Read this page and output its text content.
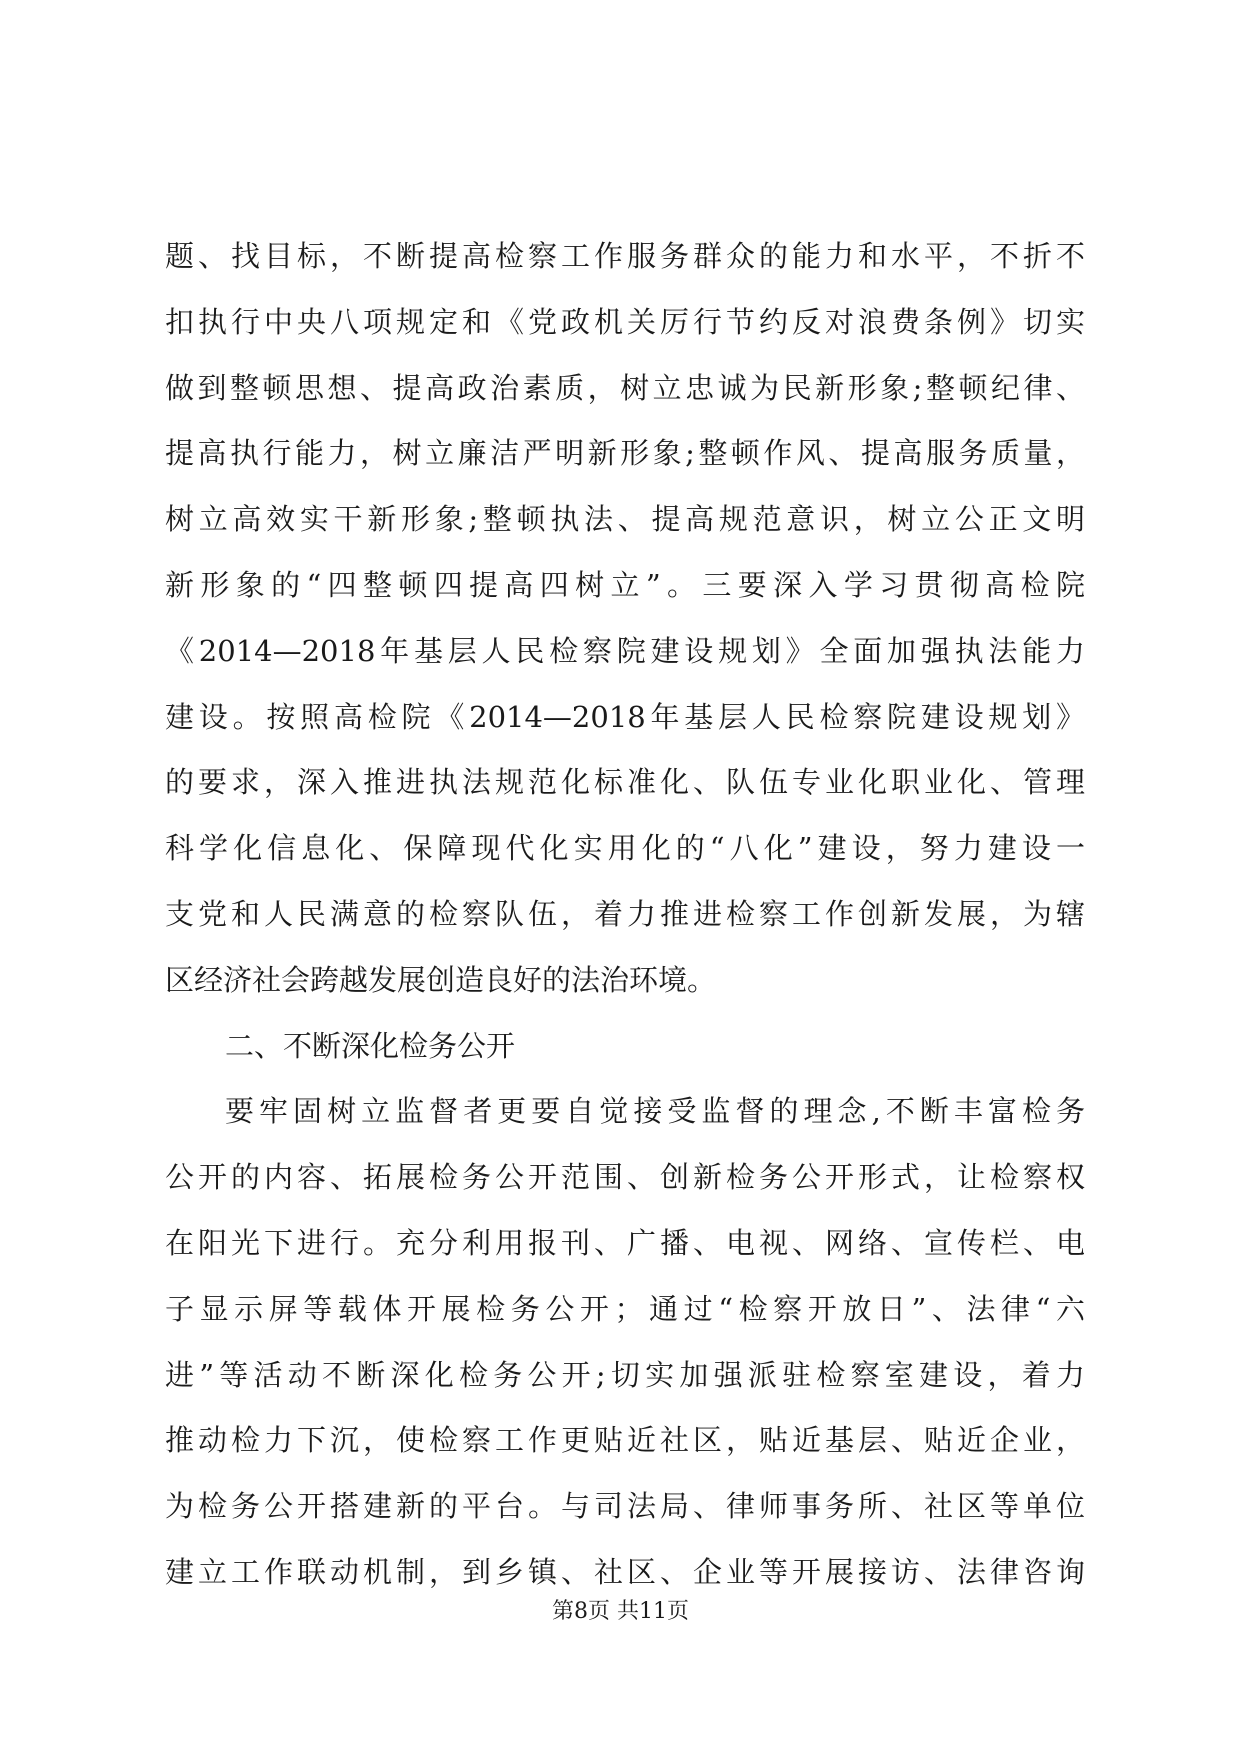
题、找目标，不断提高检察工作服务群众的能力和水平，不折不
扣执行中央八项规定和《党政机关厉行节约反对浪费条例》切实
做到整顿思想、提高政治素质，树立忠诚为民新形象;整顿纪律、
提高执行能力，树立廉洁严明新形象;整顿作风、提高服务质量，
树立高效实干新形象;整顿执法、提高规范意识，树立公正文明
新形象的“四整顿四提高四树立”。三要深入学习贯彻高检院
《2014—2018年基层人民检察院建设规划》全面加强执法能力
建设。按照高检院《2014—2018年基层人民检察院建设规划》
的要求，深入推进执法规范化标准化、队伍专业化职业化、管理
科学化信息化、保障现代化实用化的“八化”建设，努力建设一
支党和人民满意的检察队伍，着力推进检察工作创新发展，为辖
区经济社会跨越发展创造良好的法治环境。
二、不断深化检务公开
要牢固树立监督者更要自觉接受监督的理念,不断丰富检务
公开的内容、拓展检务公开范围、创新检务公开形式，让检察权
在阳光下进行。充分利用报刊、广播、电视、网络、宣传栏、电
子显示屏等载体开展检务公开；通过“检察开放日”、法律“六
进”等活动不断深化检务公开;切实加强派驻检察室建设，着力
推动检力下沉，使检察工作更贴近社区，贴近基层、贴近企业，
为检务公开搭建新的平台。与司法局、律师事务所、社区等单位
建立工作联动机制，到乡镇、社区、企业等开展接访、法律咨询
第8页 共11页
